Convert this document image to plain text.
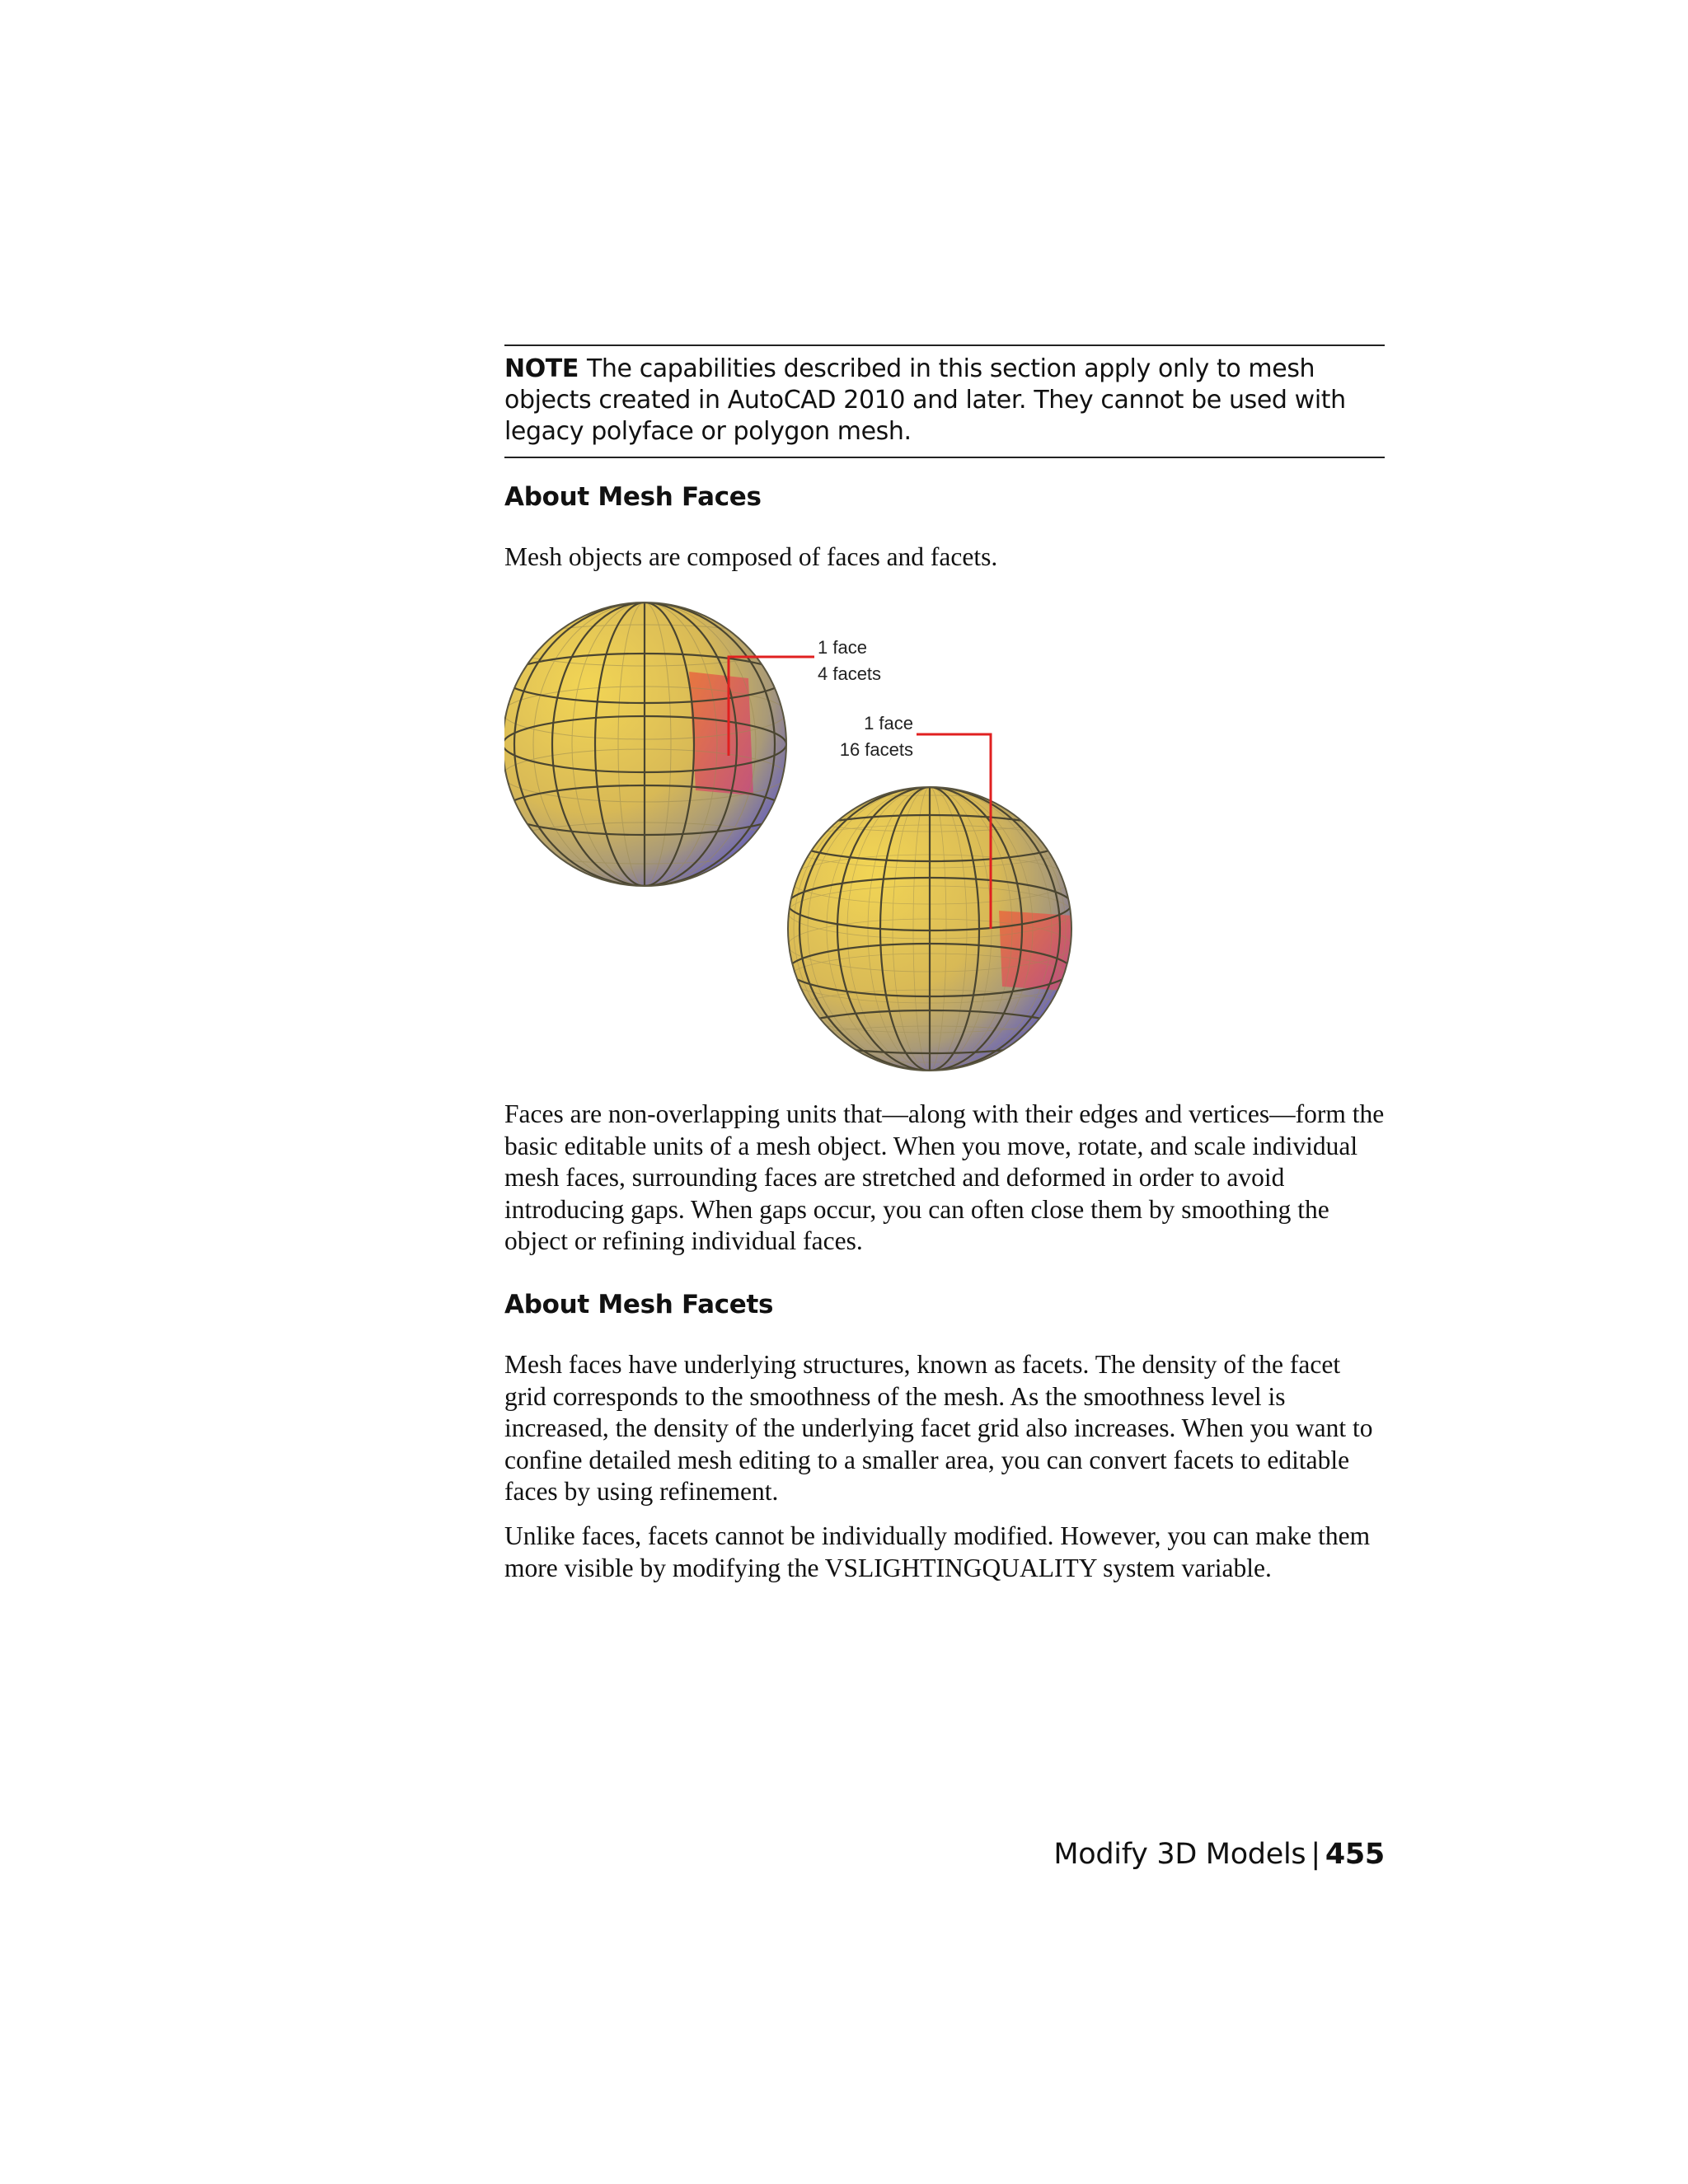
NOTE The capabilities described in this section apply only to mesh objects created in AutoCAD 2010 and later. They cannot be used with legacy polyface or polygon mesh.
About Mesh Faces

Mesh objects are composed of faces and facets.

1 face
4 facets
1 face
16 facets

Faces are non-overlapping units that—along with their edges and vertices—form the basic editable units of a mesh object. When you move, rotate, and scale individual mesh faces, surrounding faces are stretched and deformed in order to avoid introducing gaps. When gaps occur, you can often close them by smoothing the object or refining individual faces.

About Mesh Facets

Mesh faces have underlying structures, known as facets. The density of the facet grid corresponds to the smoothness of the mesh. As the smoothness level is increased, the density of the underlying facet grid also increases. When you want to confine detailed mesh editing to a smaller area, you can convert facets to editable faces by using refinement.

Unlike faces, facets cannot be individually modified. However, you can make them more visible by modifying the VSLIGHTINGQUALITY system variable.

Modify 3D Models | 455
